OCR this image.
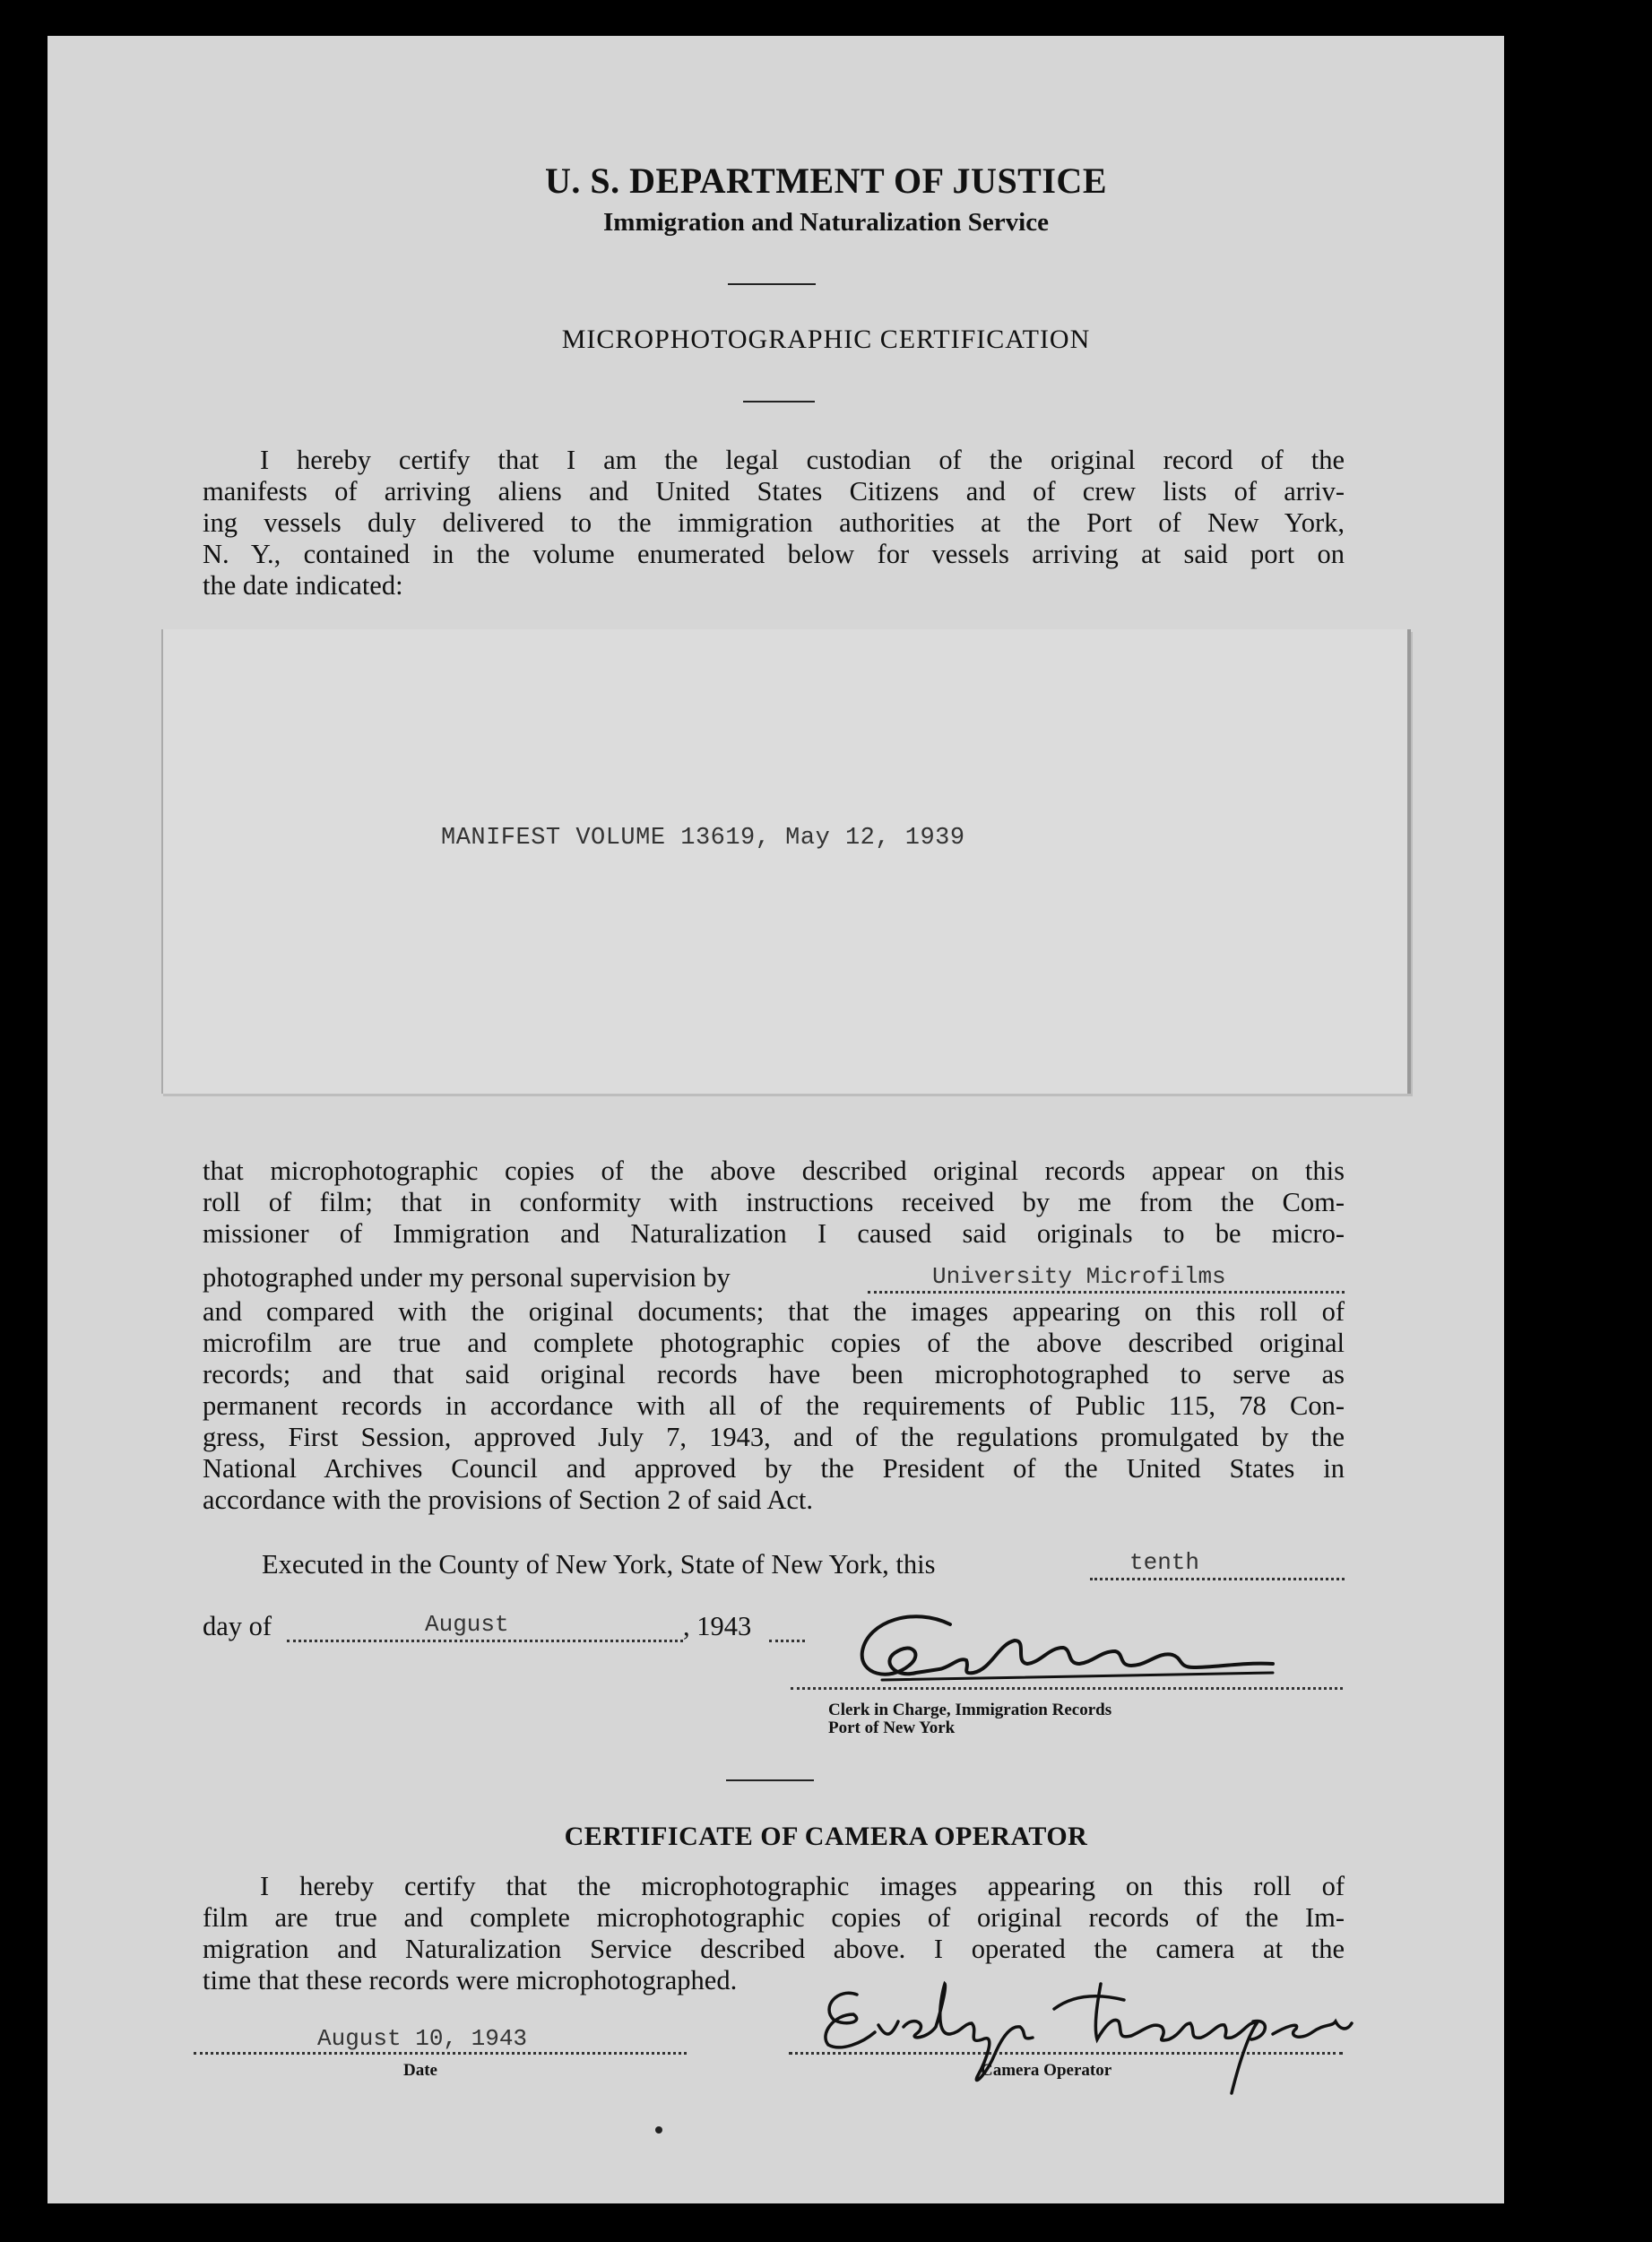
U. S. DEPARTMENT OF JUSTICE
Immigration and Naturalization Service
MICROPHOTOGRAPHIC CERTIFICATION
I hereby certify that I am the legal custodian of the original record of the
manifests of arriving aliens and United States Citizens and of crew lists of arriv-
ing vessels duly delivered to the immigration authorities at the Port of New York,
N. Y., contained in the volume enumerated below for vessels arriving at said port on
the date indicated:
MANIFEST VOLUME 13619, May 12, 1939
that microphotographic copies of the above described original records appear on this
roll of film; that in conformity with instructions received by me from the Com-
missioner of Immigration and Naturalization I caused said originals to be micro-
photographed under my personal supervision by	University Microfilms
and compared with the original documents; that the images appearing on this roll of
microfilm are true and complete photographic copies of the above described original
records; and that said original records have been microphotographed to serve as
permanent records in accordance with all of the requirements of Public 115, 78 Con-
gress, First Session, approved July 7, 1943, and of the regulations promulgated by the
National Archives Council and approved by the President of the United States in
accordance with the provisions of Section 2 of said Act.
Executed in the County of New York, State of New York, this	tenth
day of	August	, 1943
Clerk in Charge, Immigration Records
Port of New York
CERTIFICATE OF CAMERA OPERATOR
I hereby certify that the microphotographic images appearing on this roll of
film are true and complete microphotographic copies of original records of the Im-
migration and Naturalization Service described above. I operated the camera at the
time that these records were microphotographed.
August 10, 1943
Date	Camera Operator
